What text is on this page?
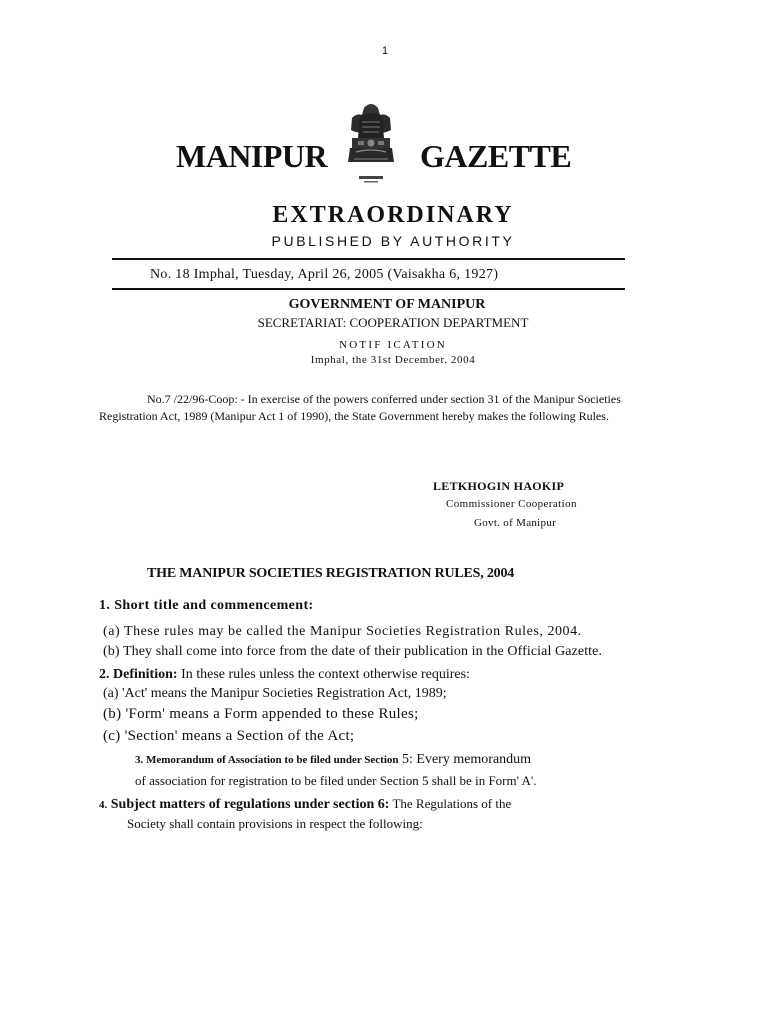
1
MANIPUR	GAZETTE
EXTRAORDINARY
PUBLISHED BY AUTHORITY
No. 18 Imphal, Tuesday, April 26, 2005 (Vaisakha 6, 1927)
GOVERNMENT OF MANIPUR
SECRETARIAT: COOPERATION DEPARTMENT
NOTIF ICATION
Imphal, the 31st December. 2004
No.7 /22/96-Coop: - In exercise of the powers conferred under section 31 of the Manipur Societies Registration Act, 1989 (Manipur Act 1 of 1990), the State Government hereby makes the following Rules.
LETKHOGIN HAOKIP
Commissioner Cooperation
Govt. of Manipur
THE MANIPUR SOCIETIES REGISTRATION RULES, 2004
1. Short title and commencement:
(a) These rules may be called the Manipur Societies Registration Rules, 2004.
(b) They shall come into force from the date of their publication in the Official Gazette.
2. Definition: In these rules unless the context otherwise requires:
(a) 'Act' means the Manipur Societies Registration Act, 1989;
(b) 'Form' means a Form appended to these Rules;
(c) 'Section' means a Section of the Act;
3. Memorandum of Association to be filed under Section 5: Every memorandum
of association for registration to be filed under Section 5 shall be in Form' A'.
4. Subject matters of regulations under section 6: The Regulations of the
Society shall contain provisions in respect the following:
